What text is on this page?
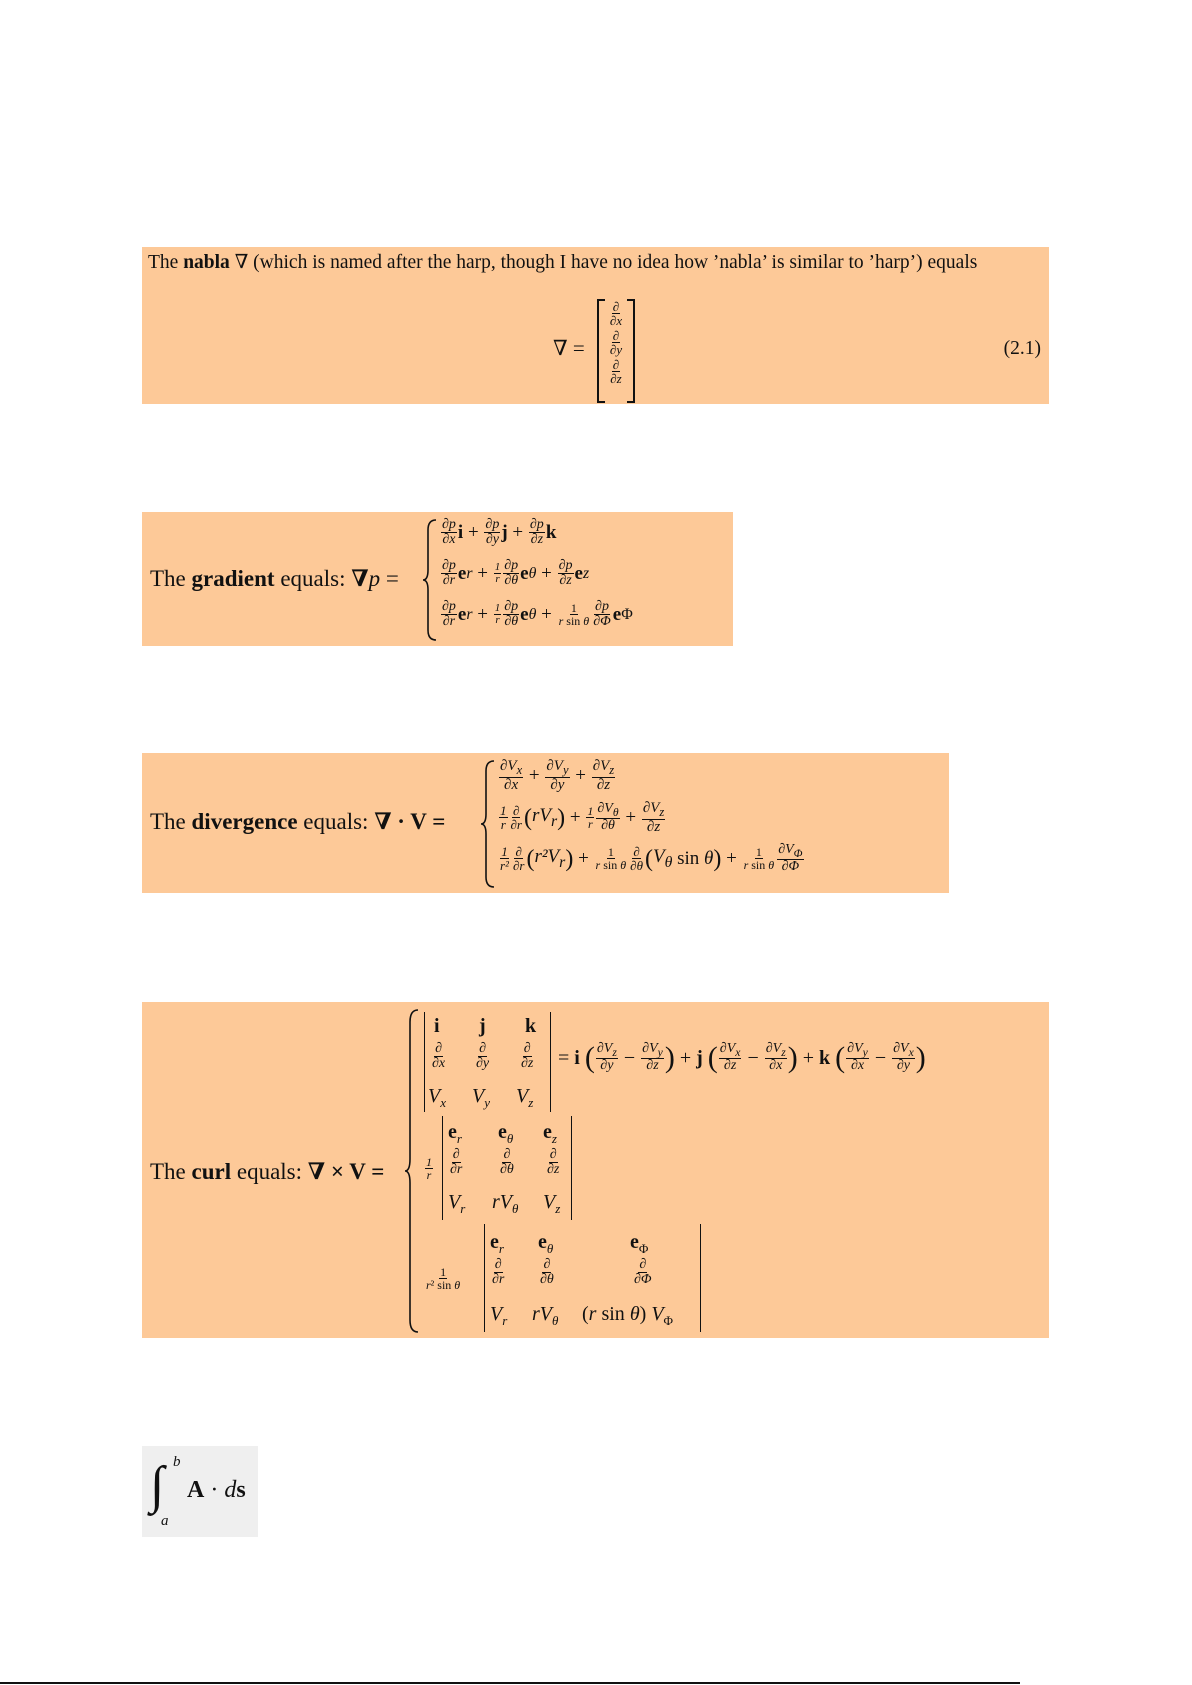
The nabla ∇ (which is named after the harp, though I have no idea how ’nabla’ is similar to ’harp’) equals
∇ =
$\frac{\partial}{\partial x}$

$\frac{\partial}{\partial y}$

$\frac{\partial}{\partial z}$
(2.1)
The gradient equals: ∇p =
$\frac{\partial p}{\partial x}$ $i + \frac{\partial p}{\partial y}$ $j + \frac{\partial p}{\partial z}$ k
$\frac{\partial p}{\partial r}$ e $r + \frac{1}{r} \frac{\partial p}{\partial\theta}$ e $\theta + \frac{\partial p}{\partial z}$ e z
$\frac{\partial p}{\partial r}$ e $r + \frac{1}{r} \frac{\partial p}{\partial\theta}$ e $\theta + \frac{1}{\text{r sin θ}} \frac{\partial p}{\partial\Phi}$ e Φ
The divergence equals: ∇ · V =
$\frac{\partial V_x}{\partial x} + \frac{\partial V_y}{\partial y} + \frac{\partial V_z}{\partial z}$
$\frac{1}{r} \frac{\partial}{\partial r}$ ( $rV_r$ ) + $\frac{1}{r} \frac{\partial V_\theta}{\partial\theta} + \frac{\partial V_z}{\partial z}$
$\frac{1}{\text{r²}} \frac{\partial}{\partial r}$ ( $r^2V_r$ ) + $\frac{1}{\text{r sin θ}} \frac{\partial}{\partial\theta}$ ( $V_\theta$ sin θ ) + $\frac{1}{\text{r sin θ}} \frac{\partial V_\Phi}{\partial\Phi}$
The curl equals: ∇ × V =
i j k
$\frac{\partial}{\partial x} \frac{\partial}{\partial y} \frac{\partial}{\partial z}$
$V_x$ $V_y$ $V_z$
= i
( $\frac{\partial V_z}{\partial y} - \frac{\partial V_y}{\partial z}$ ) + j
( $\frac{\partial V_x}{\partial z} - \frac{\partial V_z}{\partial x}$ ) + k
( $\frac{\partial V_y}{\partial x} - \frac{\partial V_x}{\partial y}$ )
$\frac{1}{r}$
$e_r$ $e_\theta$ $e_z$
$\frac{\partial}{\partial r}$	$\frac{\partial}{\partial\theta} \frac{\partial}{\partial z}$
$V_r$ $rV_\theta$ $V_z$
$\frac{1}{\text{r² sin θ}}$
$e_r$ $e_\theta$	$e_\Phi$
$\frac{\partial}{\partial r} \frac{\partial}{\partial\theta}$	$\frac{\partial}{\partial\Phi}$
$V_r$ $rV_\theta$ (r sin θ) $V_\Phi$
∫ b
a
A · ds
